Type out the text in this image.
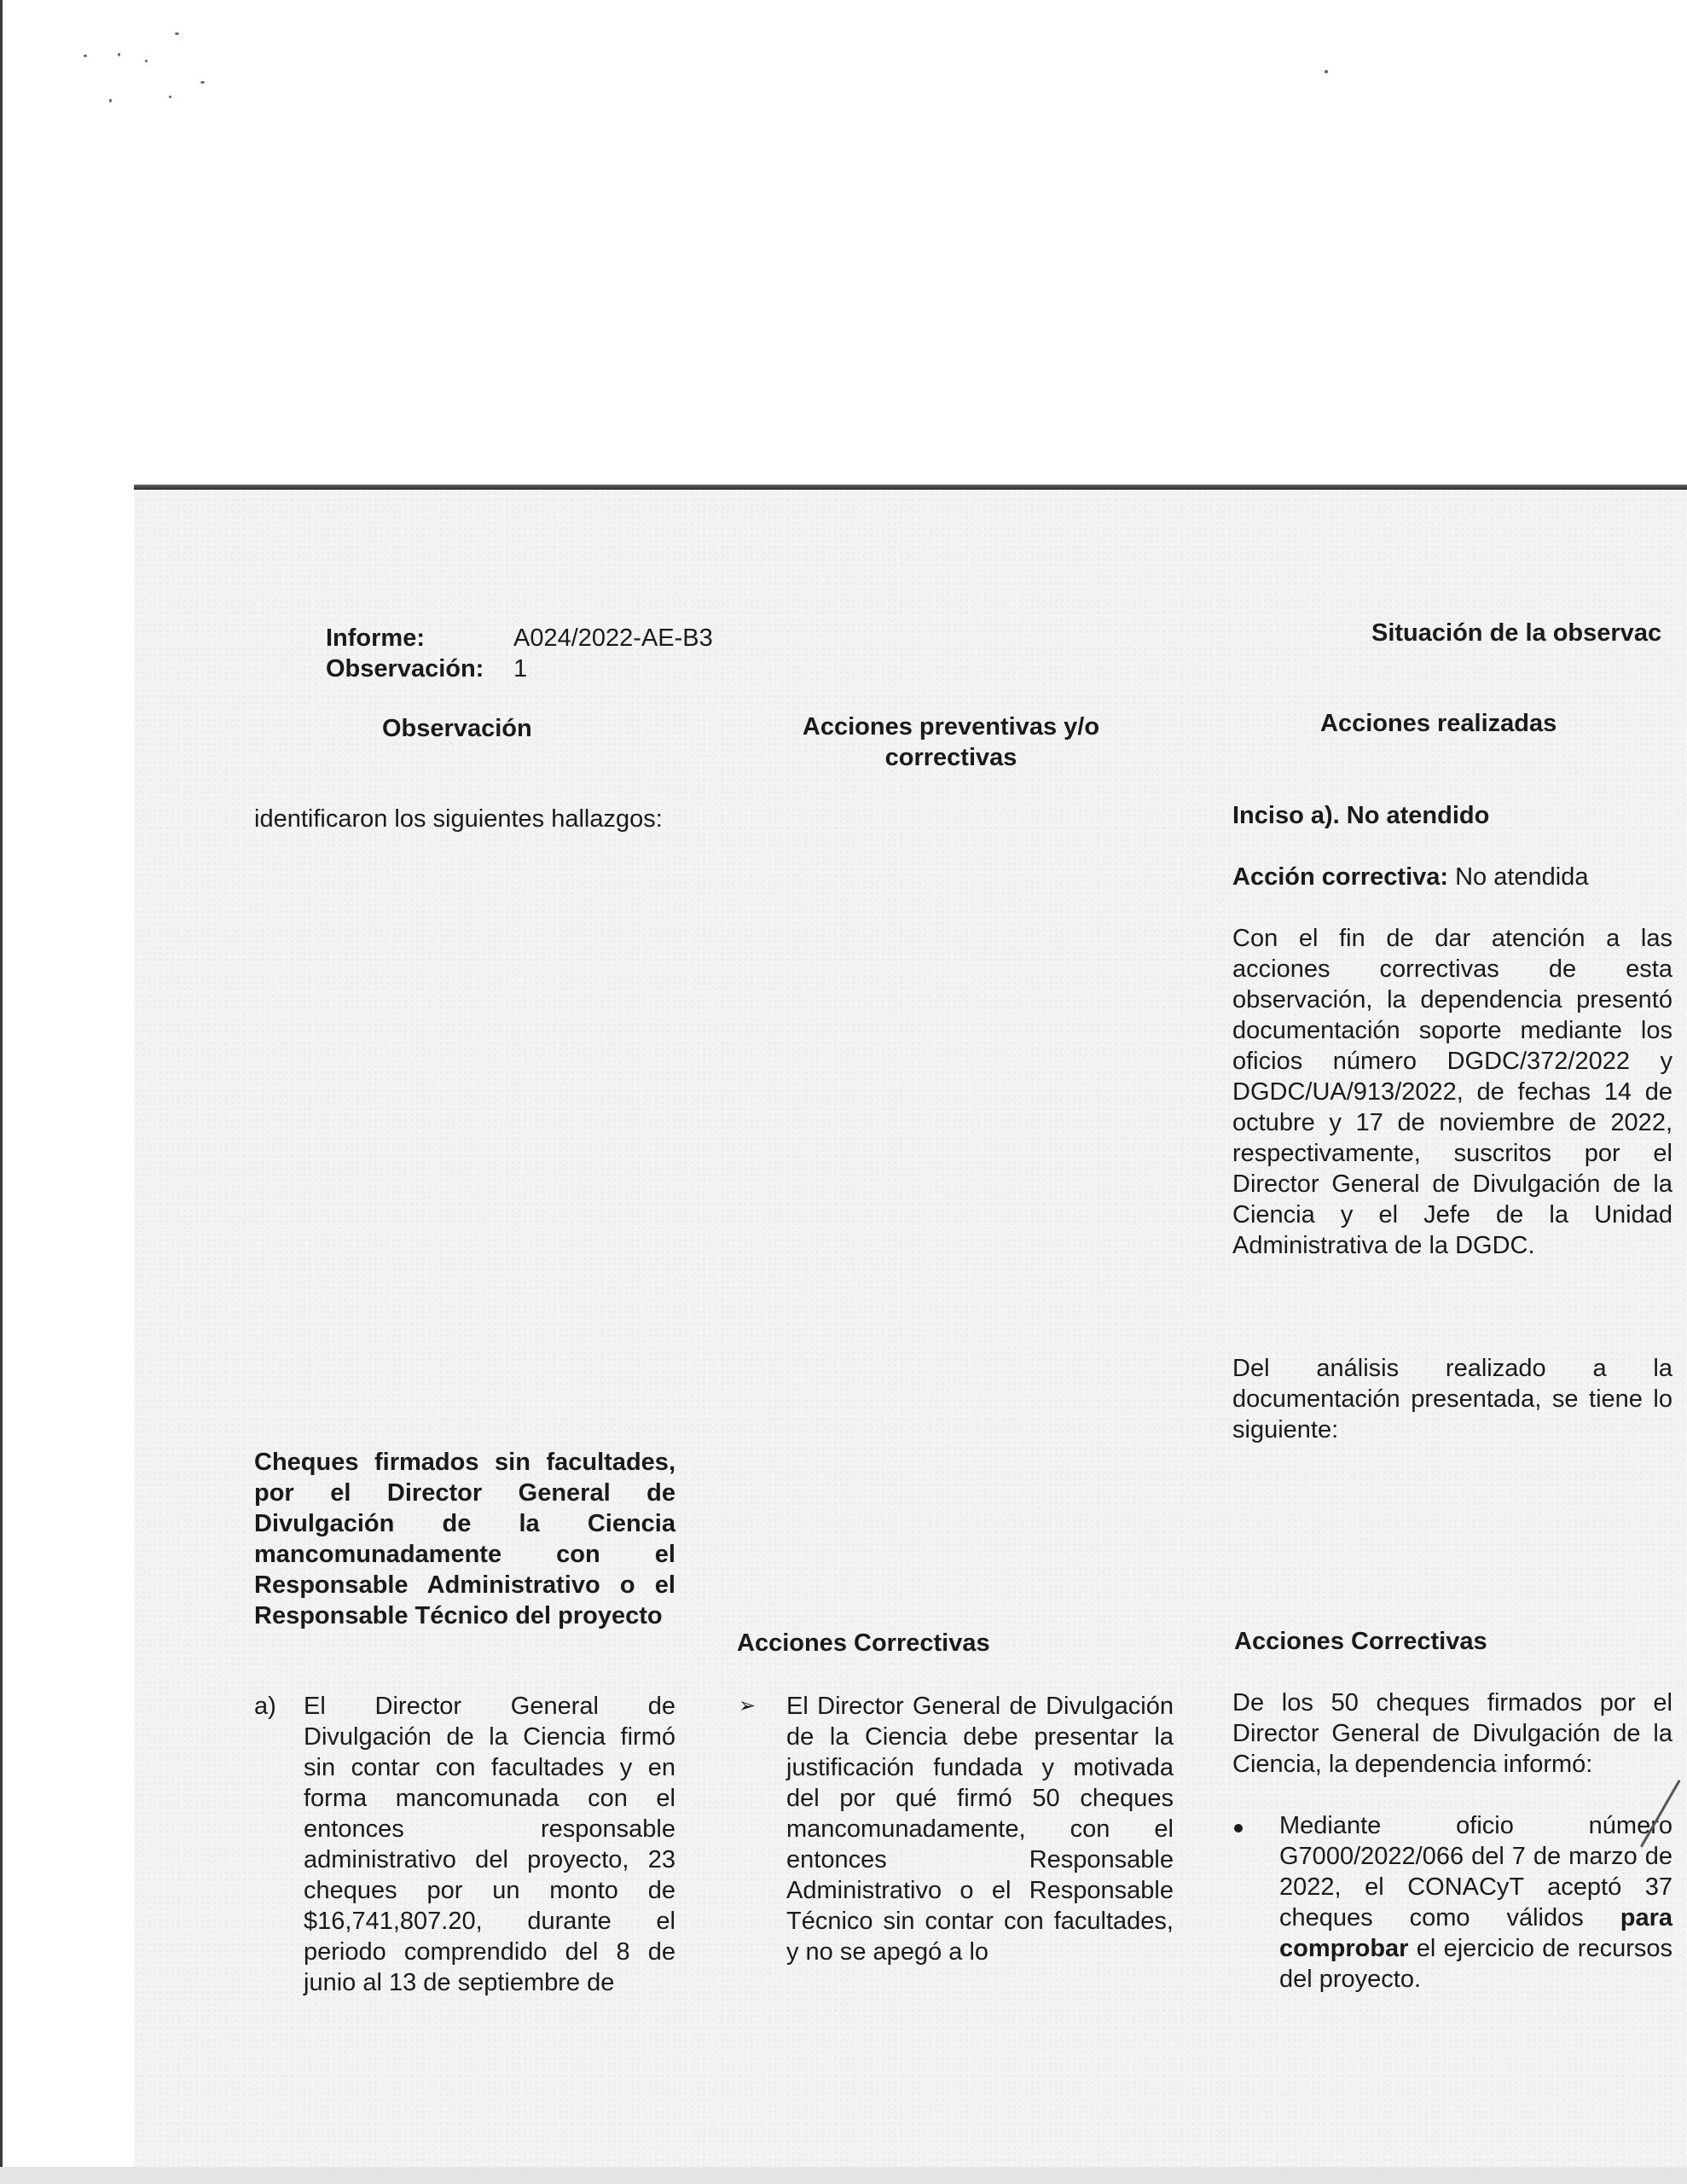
Informe:	A024/2022-AE-B3
Observación: 1
Situación de la observac
Observación	Acciones preventivas y/o correctivas
Acciones realizadas
identificaron los siguientes hallazgos:
Cheques firmados sin facultades, por el Director General de Divulgación de la Ciencia mancomunadamente con el Responsable Administrativo o el Responsable Técnico del proyecto
a) El Director General de Divulgación de la Ciencia firmó sin contar con facultades y en forma mancomunada con el entonces responsable administrativo del proyecto, 23 cheques por un monto de $16,741,807.20, durante el periodo comprendido del 8 de junio al 13 de septiembre de
Acciones Correctivas
➢ El Director General de Divulgación de la Ciencia debe presentar la justificación fundada y motivada del por qué firmó 50 cheques mancomunadamente, con el entonces Responsable Administrativo o el Responsable Técnico sin contar con facultades, y no se apegó a lo
Inciso a). No atendido
Acción correctiva: No atendida
Con el fin de dar atención a las acciones correctivas de esta observación, la dependencia presentó documentación soporte mediante los oficios número DGDC/372/2022 y DGDC/UA/913/2022, de fechas 14 de octubre y 17 de noviembre de 2022, respectivamente, suscritos por el Director General de Divulgación de la Ciencia y el Jefe de la Unidad Administrativa de la DGDC.
Del análisis realizado a la documentación presentada, se tiene lo siguiente:
Acciones Correctivas
De los 50 cheques firmados por el Director General de Divulgación de la Ciencia, la dependencia informó:
Mediante oficio número G7000/2022/066 del 7 de marzo de 2022, el CONACyT aceptó 37 cheques como válidos para comprobar el ejercicio de recursos del proyecto.
